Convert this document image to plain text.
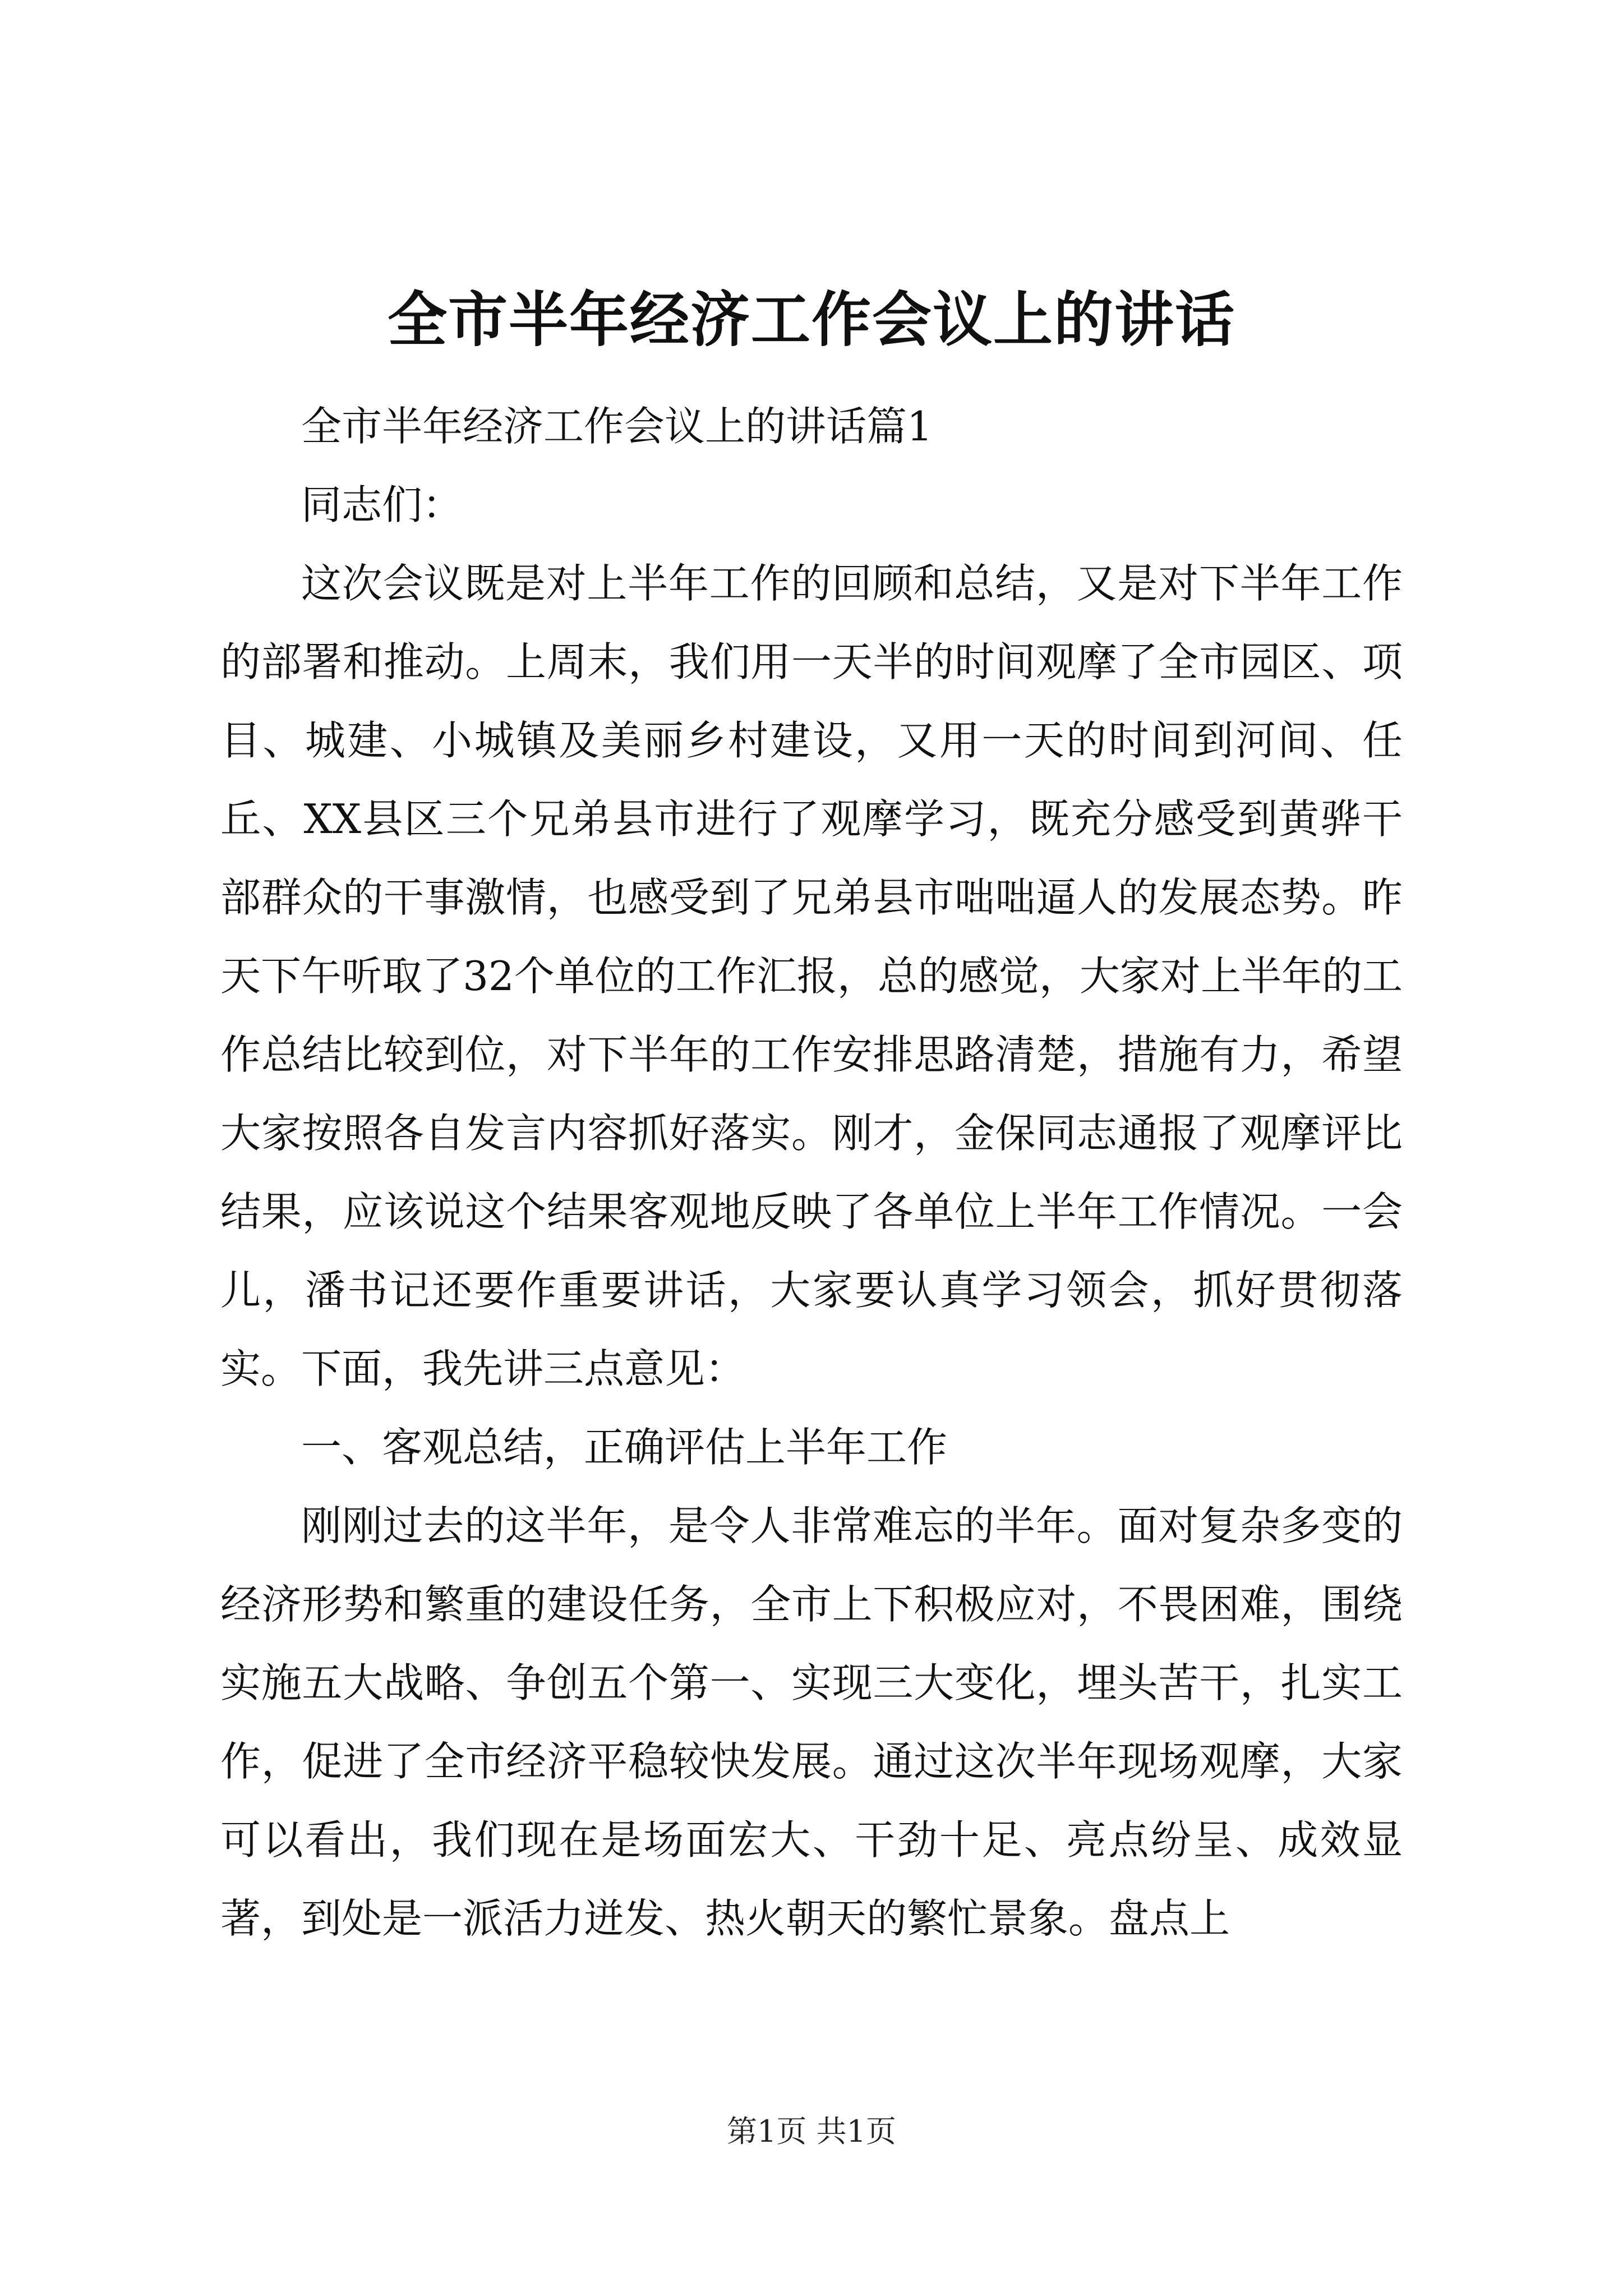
全市半年经济工作会议上的讲话

全市半年经济工作会议上的讲话篇1

同志们：

这次会议既是对上半年工作的回顾和总结，又是对下半年工作的部署和推动。上周末，我们用一天半的时间观摩了全市园区、项目、城建、小城镇及美丽乡村建设，又用一天的时间到河间、任丘、XX县区三个兄弟县市进行了观摩学习，既充分感受到黄骅干部群众的干事激情，也感受到了兄弟县市咄咄逼人的发展态势。昨天下午听取了32个单位的工作汇报，总的感觉，大家对上半年的工作总结比较到位，对下半年的工作安排思路清楚，措施有力，希望大家按照各自发言内容抓好落实。刚才，金保同志通报了观摩评比结果，应该说这个结果客观地反映了各单位上半年工作情况。一会儿，潘书记还要作重要讲话，大家要认真学习领会，抓好贯彻落实。下面，我先讲三点意见：

一、客观总结，正确评估上半年工作

刚刚过去的这半年，是令人非常难忘的半年。面对复杂多变的经济形势和繁重的建设任务，全市上下积极应对，不畏困难，围绕实施五大战略、争创五个第一、实现三大变化，埋头苦干，扎实工作，促进了全市经济平稳较快发展。通过这次半年现场观摩，大家可以看出，我们现在是场面宏大、干劲十足、亮点纷呈、成效显著，到处是一派活力迸发、热火朝天的繁忙景象。盘点上

第1页 共1页
